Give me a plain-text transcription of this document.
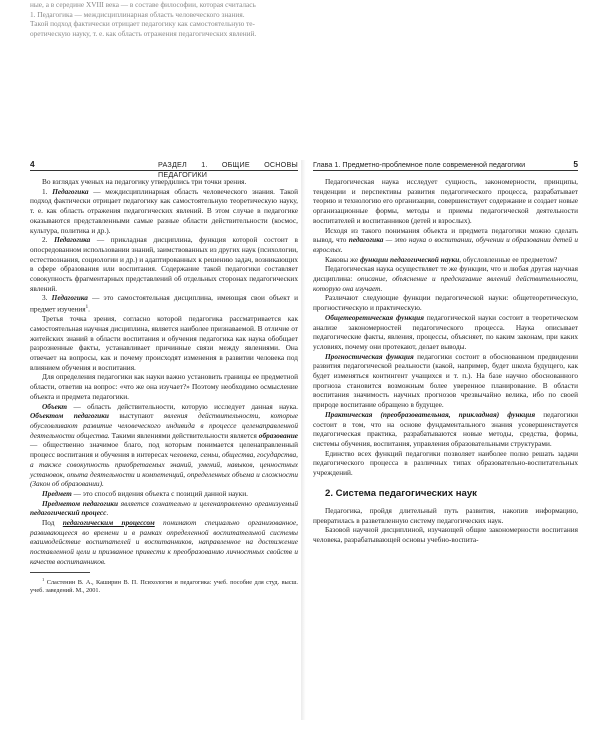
ные, а в середине XVIII века — в составе философии, которая считалась
1. Педагогика — междисциплинарная область человеческого знания.
Такой подход фактически отрицает педагогику как самостоятельную те-
оретическую науку, т. е. как область отражения педагогических явлений.
4	РАЗДЕЛ 1. ОБЩИЕ ОСНОВЫ ПЕДАГОГИКИ

Во взглядах ученых на педагогику утвердились три точки зрения.

1. Педагогика — междисциплинарная область человеческого знания. Такой подход фактически отрицает педагогику как самостоятельную теоретическую науку, т. е. как область отражения педагогических явлений. В этом случае в педагогике оказываются представленными самые разные области действительности (космос, культура, политика и др.).

2. Педагогика — прикладная дисциплина, функция которой состоит в опосредованном использовании знаний, заимствованных из других наук (психологии, естествознания, социологии и др.) и адаптированных к решению задач, возникающих в сфере образования или воспитания. Содержание такой педагогики составляет совокупность фрагментарных представлений об отдельных сторонах педагогических явлений.

3. Педагогика — это самостоятельная дисциплина, имеющая свои объект и предмет изучения$^1$.

Третья точка зрения, согласно которой педагогика рассматривается как самостоятельная научная дисциплина, является наиболее признаваемой. В отличие от житейских знаний в области воспитания и обучения педагогика как наука обобщает разрозненные факты, устанавливает причинные связи между явлениями. Она отвечает на вопросы, как и почему происходят изменения в развитии человека под влиянием обучения и воспитания.

Для определения педагогики как науки важно установить границы ее предметной области, ответив на вопрос: «что же она изучает?» Поэтому необходимо осмысление объекта и предмета педагогики.

Объект — область действительности, которую исследует данная наука. Объектом педагогики выступают явления действительности, которые обусловливают развитие человеческого индивида в процессе целенаправленной деятельности общества. Такими явлениями действительности является образование — общественно значимое благо, под которым понимается целенаправленный процесс воспитания и обучения в интересах человека, семьи, общества, государства, а также совокупность приобретаемых знаний, умений, навыков, ценностных установок, опыта деятельности и компетенций, определенных объема и сложности (Закон об образовании).

Предмет — это способ видения объекта с позиций данной науки.

Предметом педагогики является сознательно и целенаправленно организуемый педагогический процесс.

Под педагогическим процессом понимают специально организованное, развивающееся во времени и в рамках определенной воспитательной системы взаимодействие воспитателей и воспитанников, направленное на достижение поставленной цели и призванное привести к преобразованию личностных свойств и качеств воспитанников.

$^1$ Сластенин В. А., Каширин В. П. Психология и педагогика: учеб. пособие для студ. высш. учеб. заведений. М., 2001.

Глава 1. Предметно-проблемное поле современной педагогики	5

Педагогическая наука исследует сущность, закономерности, принципы, тенденции и перспективы развития педагогического процесса, разрабатывает теорию и технологию его организации, совершенствует содержание и создает новые организационные формы, методы и приемы педагогической деятельности воспитателей и воспитанников (детей и взрослых).

Исходя из такого понимания объекта и предмета педагогики можно сделать вывод, что педагогика — это наука о воспитании, обучении и образовании детей и взрослых.

Каковы же функции педагогической науки, обусловленные ее предметом?

Педагогическая наука осуществляет те же функции, что и любая другая научная дисциплина: описание, объяснение и предсказание явлений действительности, которую она изучает.

Различают следующие функции педагогической науки: общетеоретическую, прогностическую и практическую.

Общетеоретическая функция педагогической науки состоит в теоретическом анализе закономерностей педагогического процесса. Наука описывает педагогические факты, явления, процессы, объясняет, по каким законам, при каких условиях, почему они протекают, делает выводы.

Прогностическая функция педагогики состоит в обоснованном предвидении развития педагогической реальности (какой, например, будет школа будущего, как будет изменяться контингент учащихся и т. п.). На базе научно обоснованного прогноза становится возможным более уверенное планирование. В области воспитания значимость научных прогнозов чрезвычайно велика, ибо по своей природе воспитание обращено в будущее.

Практическая (преобразовательная, прикладная) функция педагогики состоит в том, что на основе фундаментального знания усовершенствуется педагогическая практика, разрабатываются новые методы, средства, формы, системы обучения, воспитания, управления образовательными структурами.

Единство всех функций педагогики позволяет наиболее полно решать задачи педагогического процесса в различных типах образовательно-воспитательных учреждений.

2. Система педагогических наук

Педагогика, пройдя длительный путь развития, накопив информацию, превратилась в разветвленную систему педагогических наук.

Базовой научной дисциплиной, изучающей общие закономерности воспитания человека, разрабатывающей основы учебно-воспита-
